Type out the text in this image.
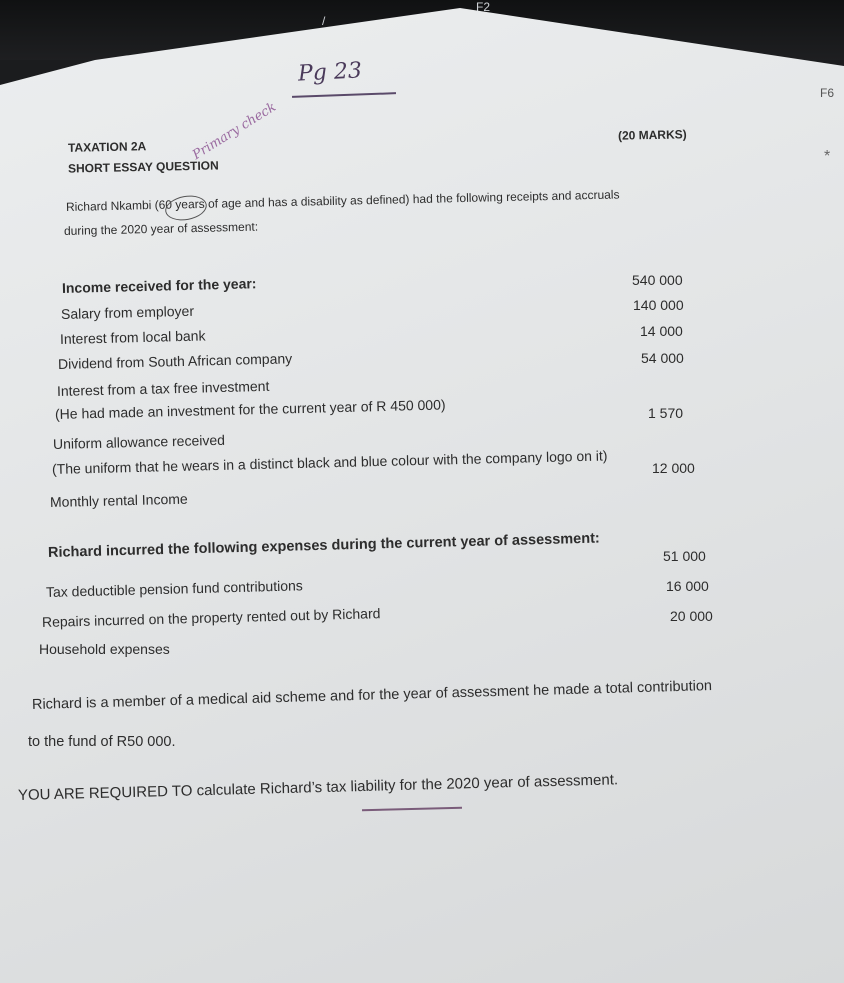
F2
/
F6
*
Pg 23
Primary check
TAXATION 2A
SHORT ESSAY QUESTION
(20 MARKS)
Richard Nkambi (60 years of age and has a disability as defined) had the following receipts and accruals
during the 2020 year of assessment:
Income received for the year:
Salary from employer
Interest from local bank
Dividend from South African company
Interest from a tax free investment
(He had made an investment for the current year of R 450 000)
Uniform allowance received
(The uniform that he wears in a distinct black and blue colour with the company logo on it)
Monthly rental Income
540 000
140 000
14 000
54 000
1 570
12 000
Richard incurred the following expenses during the current year of assessment:
Tax deductible pension fund contributions
Repairs incurred on the property rented out by Richard
Household expenses
51 000
16 000
20 000
Richard is a member of a medical aid scheme and for the year of assessment he made a total contribution
to the fund of R50 000.
YOU ARE REQUIRED TO calculate Richard’s tax liability for the 2020 year of assessment.
